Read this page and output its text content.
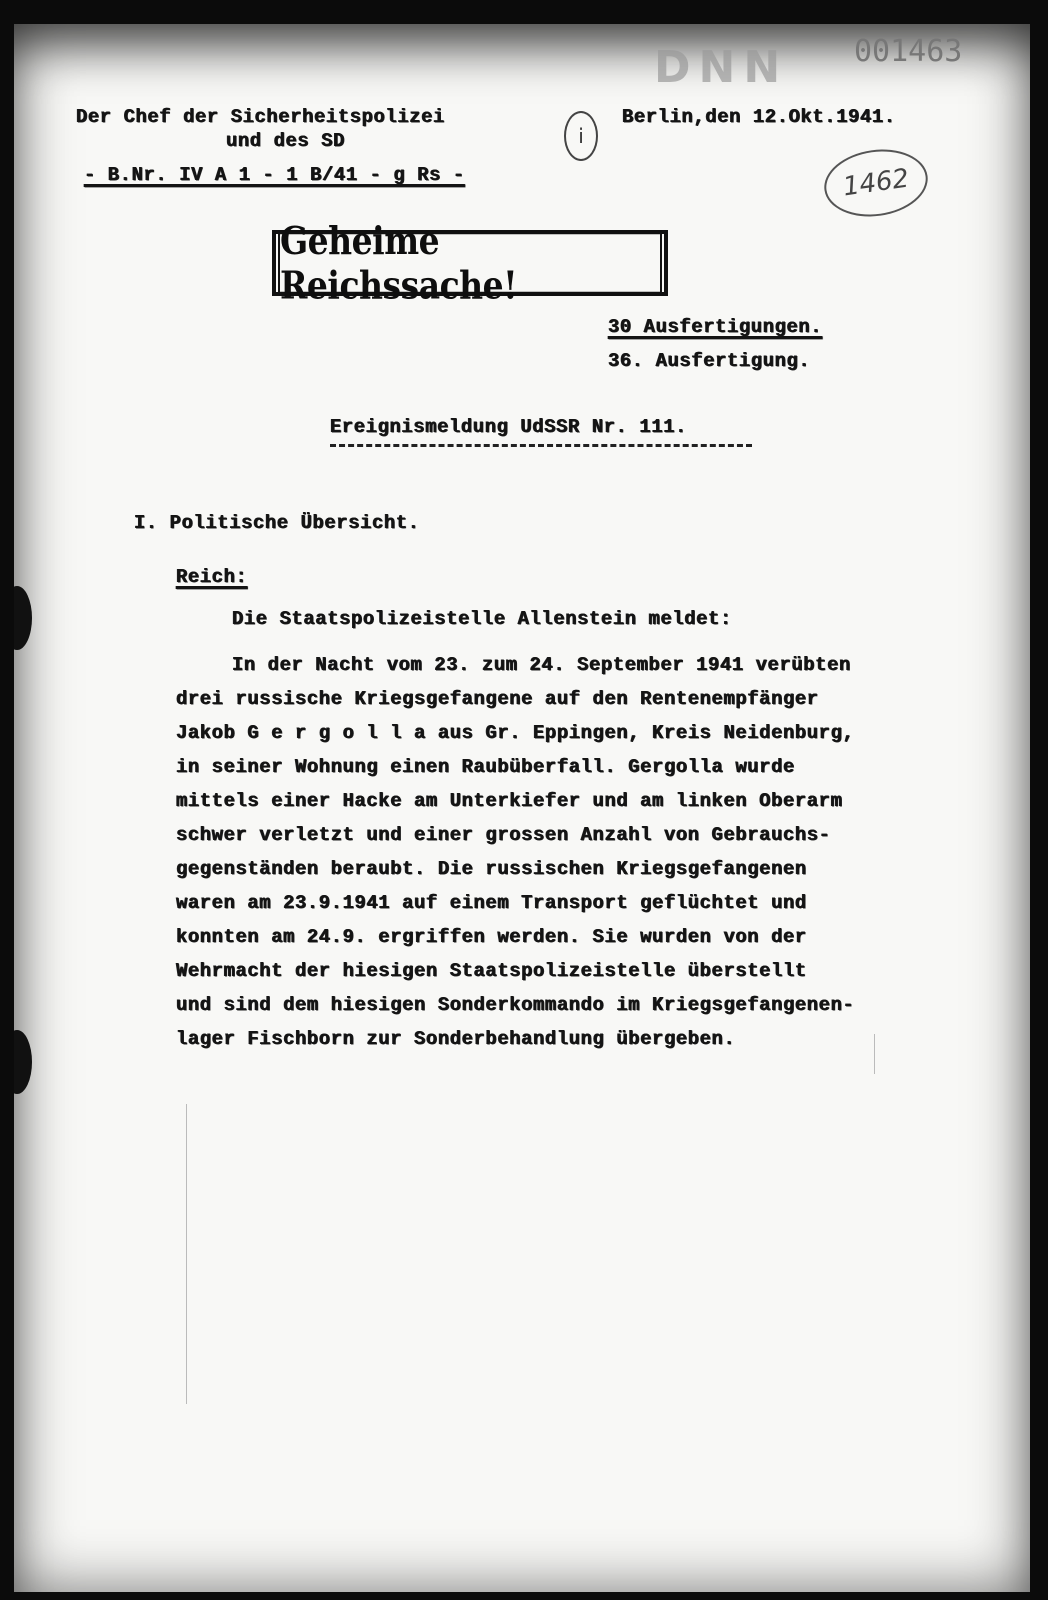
DNN 001463
Der Chef der Sicherheitspolizei
und des SD
- B.Nr. IV A 1 - 1 B/41 - g Rs -
i
Berlin,den 12.Okt.1941.
1462
Geheime Reichssache!
30 Ausfertigungen.
36. Ausfertigung.
Ereignismeldung UdSSR Nr. 111.
I. Politische Übersicht.
Reich:
Die Staatspolizeistelle Allenstein meldet:
In der Nacht vom 23. zum 24. September 1941 verübten
drei russische Kriegsgefangene auf den Rentenempfänger
Jakob G e r g o l l a aus Gr. Eppingen, Kreis Neidenburg,
in seiner Wohnung einen Raubüberfall. Gergolla wurde
mittels einer Hacke am Unterkiefer und am linken Oberarm
schwer verletzt und einer grossen Anzahl von Gebrauchs-
gegenständen beraubt. Die russischen Kriegsgefangenen
waren am 23.9.1941 auf einem Transport geflüchtet und
konnten am 24.9. ergriffen werden. Sie wurden von der
Wehrmacht der hiesigen Staatspolizeistelle überstellt
und sind dem hiesigen Sonderkommando im Kriegsgefangenen-
lager Fischborn zur Sonderbehandlung übergeben.
